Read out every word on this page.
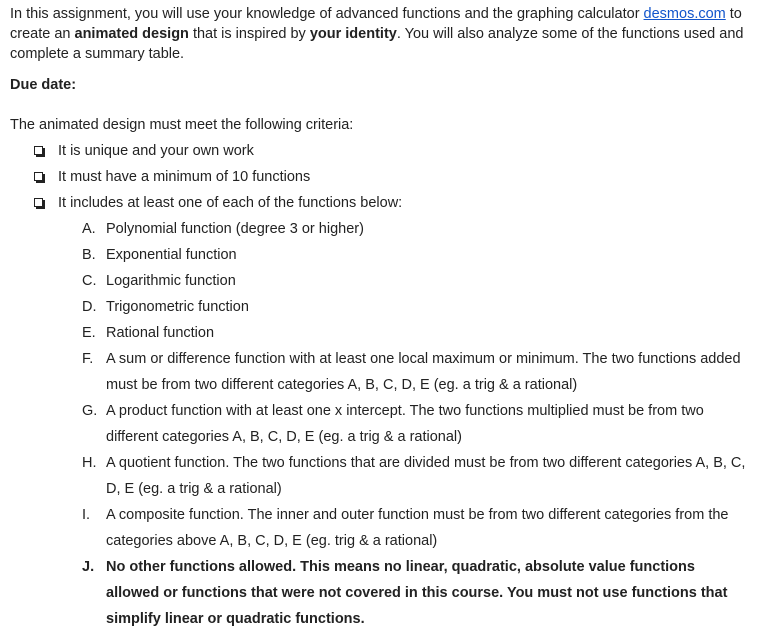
In this assignment, you will use your knowledge of advanced functions and the graphing calculator desmos.com to create an animated design that is inspired by your identity. You will also analyze some of the functions used and complete a summary table.

Due date:
The animated design must meet the following criteria:
It is unique and your own work
It must have a minimum of 10 functions
It includes at least one of each of the functions below:
A. Polynomial function (degree 3 or higher)
B. Exponential function
C. Logarithmic function
D. Trigonometric function
E. Rational function
F. A sum or difference function with at least one local maximum or minimum. The two functions added must be from two different categories A, B, C, D, E (eg. a trig & a rational)
G. A product function with at least one x intercept. The two functions multiplied must be from two different categories A, B, C, D, E (eg. a trig & a rational)
H. A quotient function. The two functions that are divided must be from two different categories A, B, C, D, E (eg. a trig & a rational)
I. A composite function. The inner and outer function must be from two different categories from the categories above A, B, C, D, E (eg. trig & a rational)
J. No other functions allowed. This means no linear, quadratic, absolute value functions allowed or functions that were not covered in this course. You must not use functions that simplify linear or quadratic functions.
